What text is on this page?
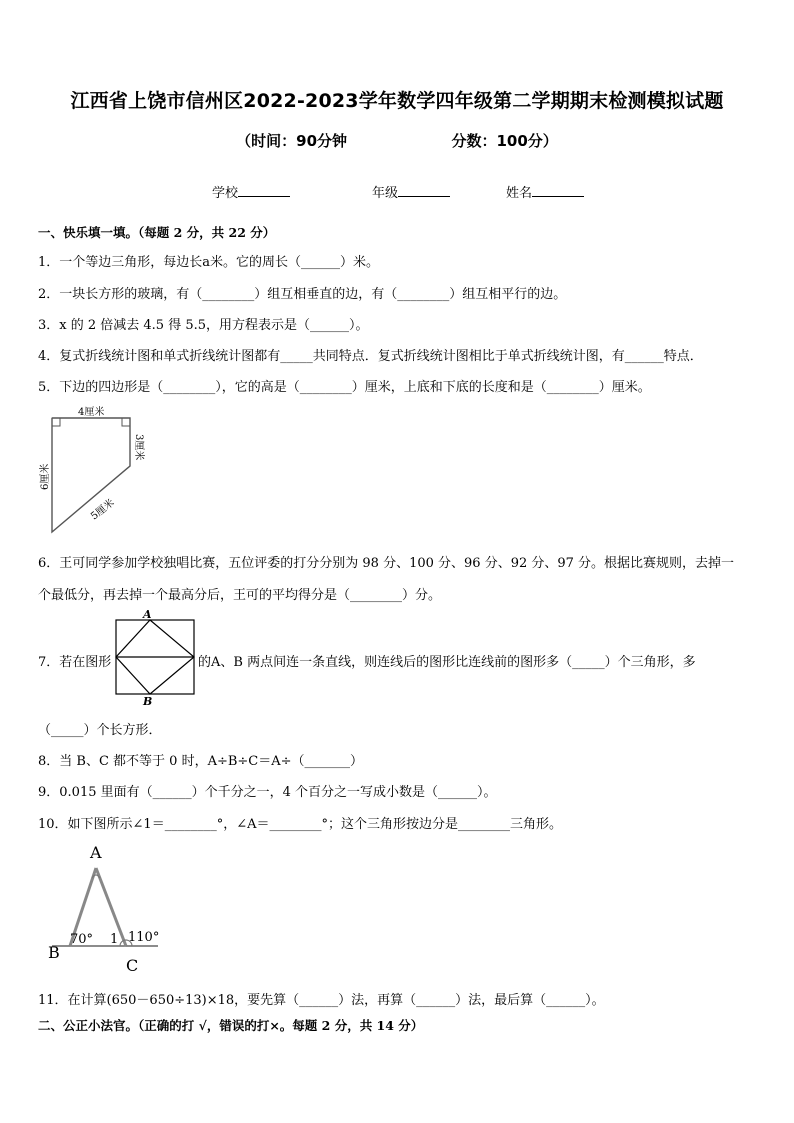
江西省上饶市信州区2022-2023学年数学四年级第二学期期末检测模拟试题
（时间：90分钟                    分数：100分）
学校	年级	姓名
一、快乐填一填。（每题 2 分，共 22 分）
1．一个等边三角形，每边长a米。它的周长（______）米。
2．一块长方形的玻璃，有（________）组互相垂直的边，有（________）组互相平行的边。
3．x 的 2 倍减去 4.5 得 5.5，用方程表示是（______）。
4．复式折线统计图和单式折线统计图都有_____共同特点．复式折线统计图相比于单式折线统计图，有______特点．
5．下边的四边形是（________），它的高是（________）厘米，上底和下底的长度和是（________）厘米。
4厘米
3厘米
6厘米
5厘米
6．王可同学参加学校独唱比赛，五位评委的打分分别为 98 分、100 分、96 分、92 分、97 分。根据比赛规则，去掉一
个最低分，再去掉一个最高分后，王可的平均得分是（________）分。
7．若在图形
A
B
的A、B 两点间连一条直线，则连线后的图形比连线前的图形多（_____）个三角形，多
（_____）个长方形．
8．当 B、C 都不等于 0 时，A÷B÷C＝A÷（_______）
9．0.015 里面有（______）个千分之一，4 个百分之一写成小数是（______）。
10．如下图所示∠1＝________°，∠A＝________°；这个三角形按边分是________三角形。
A
B
C
70° 1 110°
11．在计算(650－650÷13)×18，要先算（______）法，再算（______）法，最后算（______）。
二、公正小法官。（正确的打 √，错误的打×。每题 2 分，共 14 分）
